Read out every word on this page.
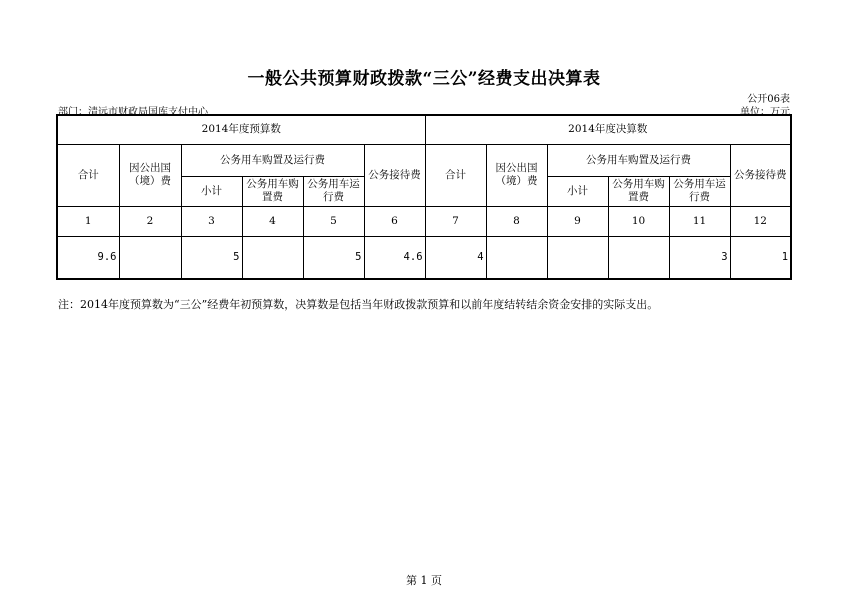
一般公共预算财政拨款“三公”经费支出决算表
公开06表
部门：清远市财政局国库支付中心	单位：万元
2014年度预算数						2014年度决算数					
合计	因公出国（境）费	公务用车购置及运行费			公务接待费	合计	因公出国（境）费	公务用车购置及运行费			公务接待费
		小计	公务用车购置费	公务用车运行费				小计	公务用车购置费	公务用车运行费	
1	2	3	4	5	6	7	8	9	10	11	12
9.6		5		5	4.6	4				3	1
注：2014年度预算数为“三公”经费年初预算数，决算数是包括当年财政拨款预算和以前年度结转结余资金安排的实际支出。
第 1 页
